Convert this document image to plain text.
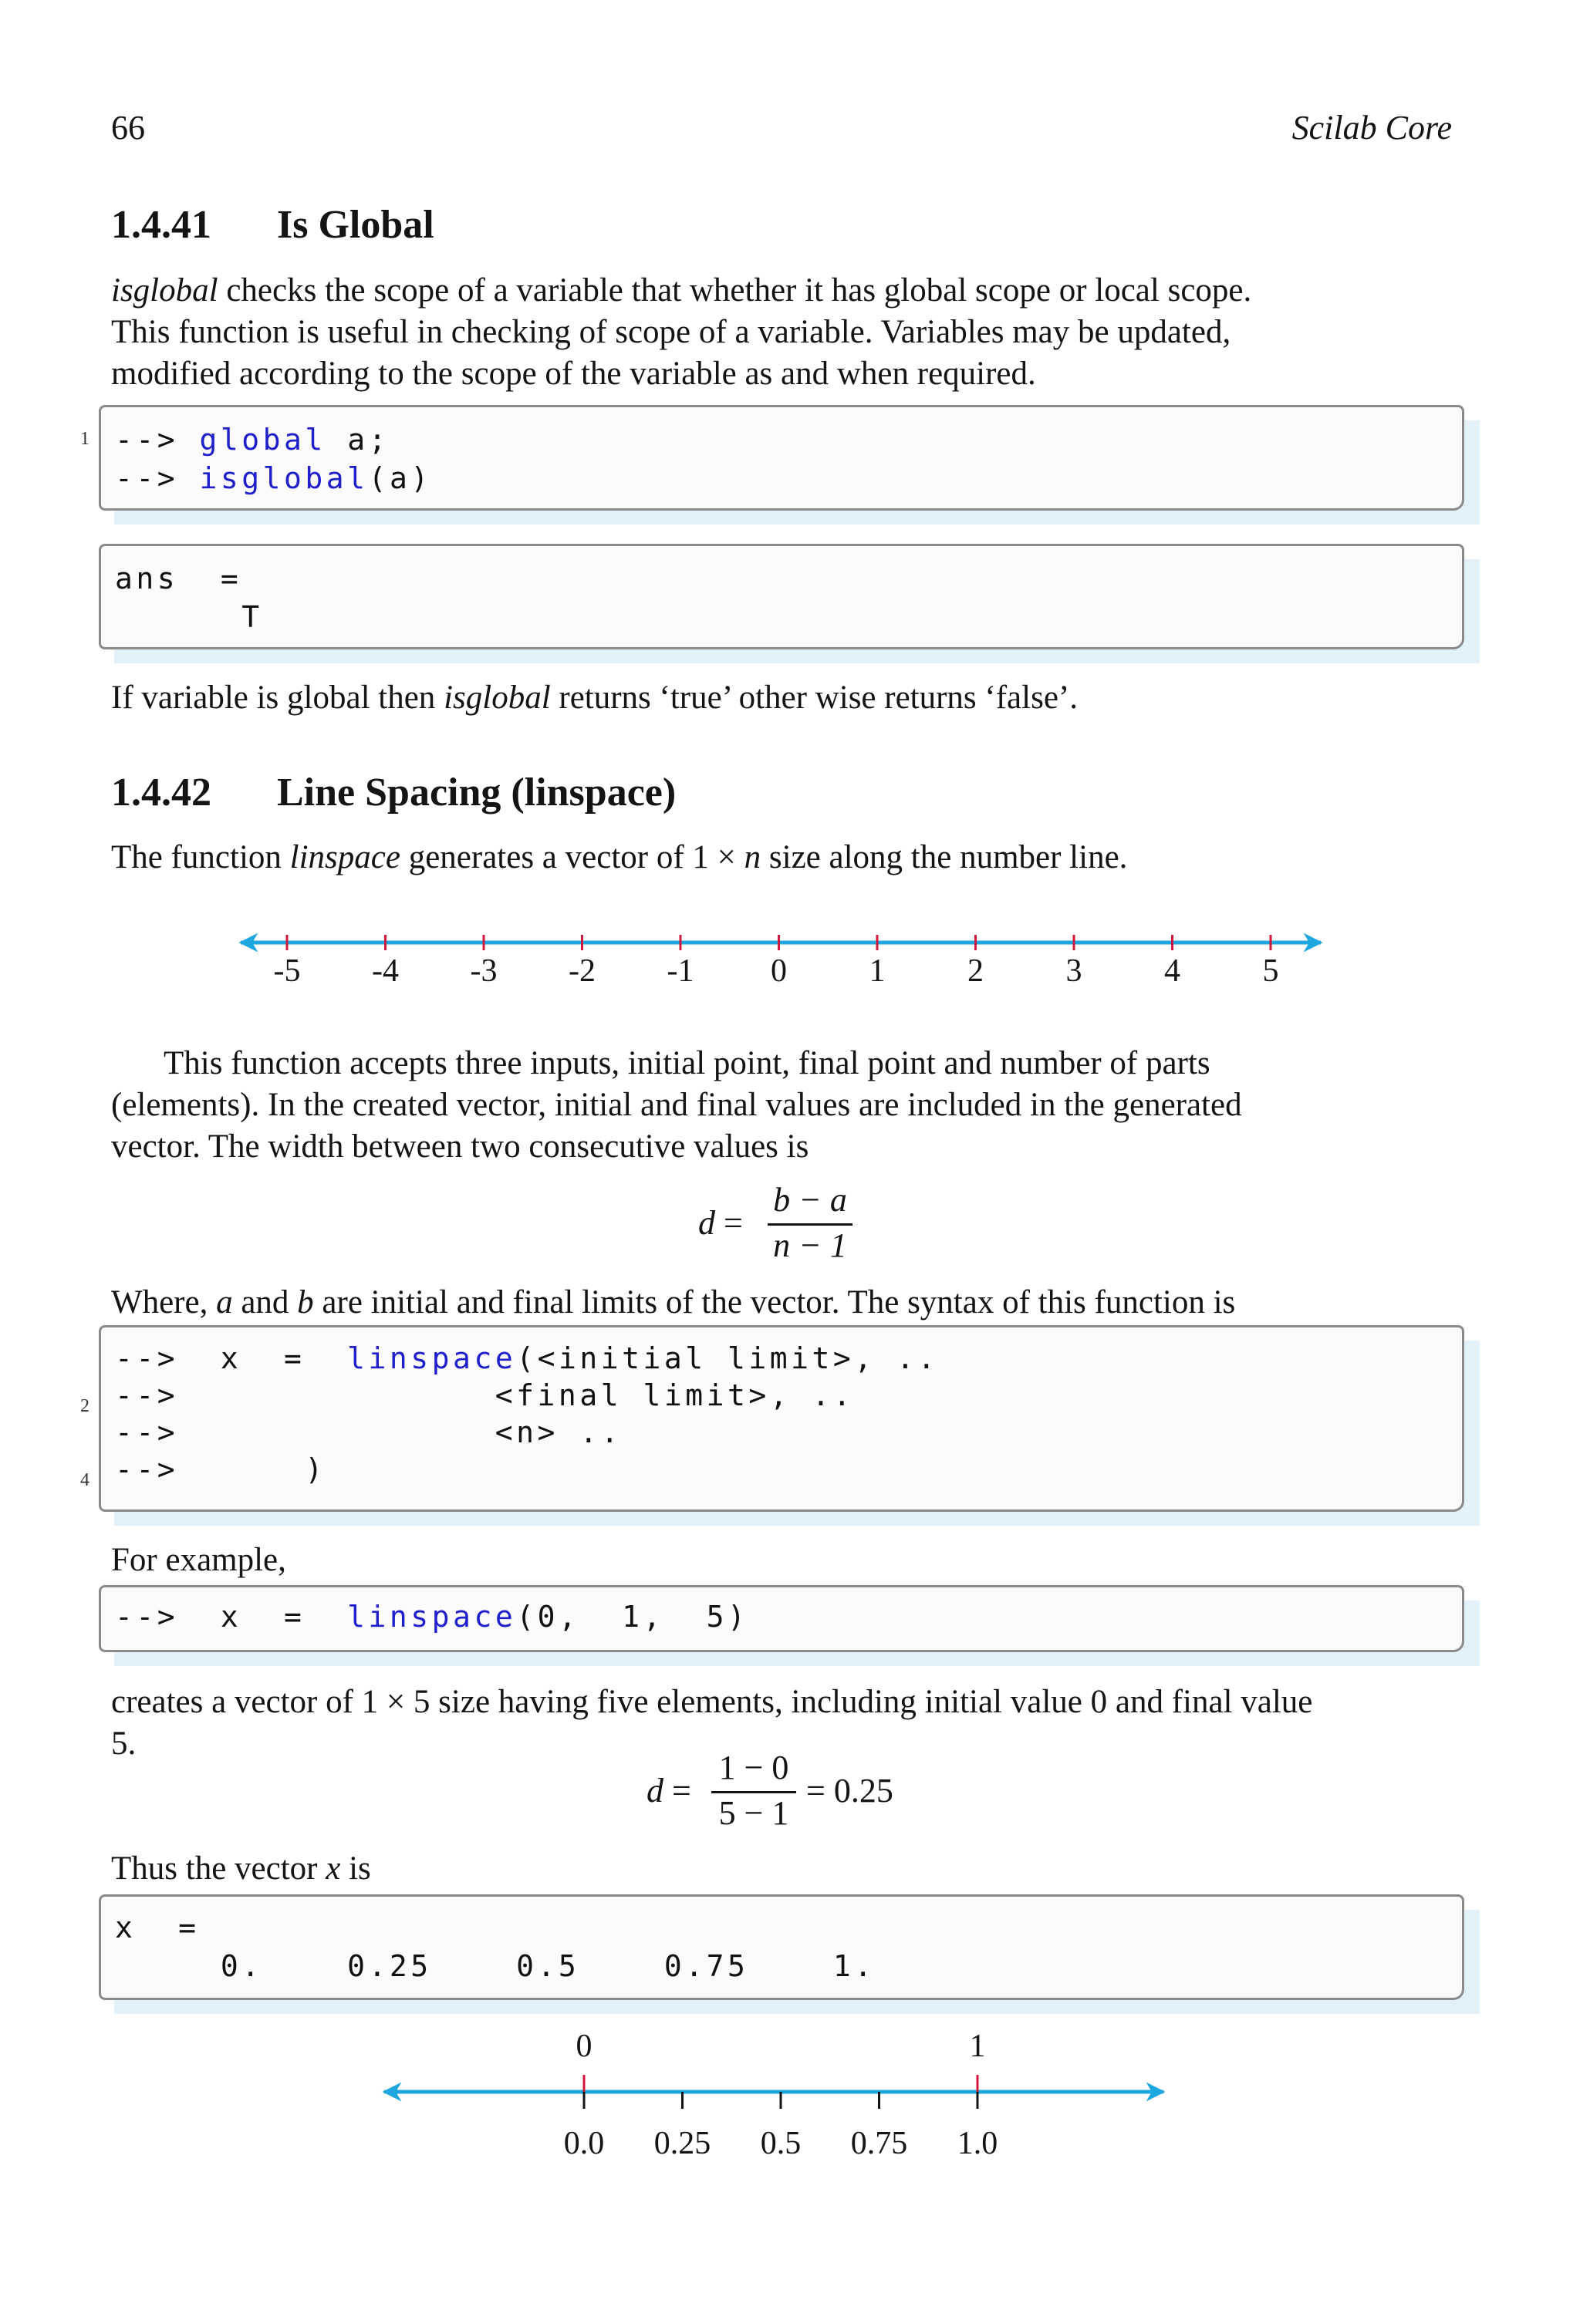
66	Scilab Core
1.4.41 Is Global
isglobal checks the scope of a variable that whether it has global scope or local scope.
This function is useful in checking of scope of a variable. Variables may be updated,
modified according to the scope of the variable as and when required.
--> global a;
--> isglobal(a)
1
ans  =
T
If variable is global then isglobal returns ‘true’ other wise returns ‘false’.
1.4.42 Line Spacing (linspace)
The function linspace generates a vector of 1 × n size along the number line.
-5 -4 -3 -2 -1 0	1	2	3	4	5
This function accepts three inputs, initial point, final point and number of parts
(elements). In the created vector, initial and final values are included in the generated
vector. The width between two consecutive values is
d =
b − a
n − 1
Where, a and b are initial and final limits of the vector. The syntax of this function is
-->  x  =  linspace(<initial limit>, ..
-->               <final limit>, ..
-->               <n> ..
-->      )
2
4
For example,
-->  x  =  linspace(0,  1,  5)
creates a vector of 1 × 5 size having five elements, including initial value 0 and final value
5.
d =
1 − 0
5 − 1
= 0.25
Thus the vector x is
x  =
0.    0.25    0.5    0.75    1.
0.0 0.25 0.5 0.75 1.0
0	1
